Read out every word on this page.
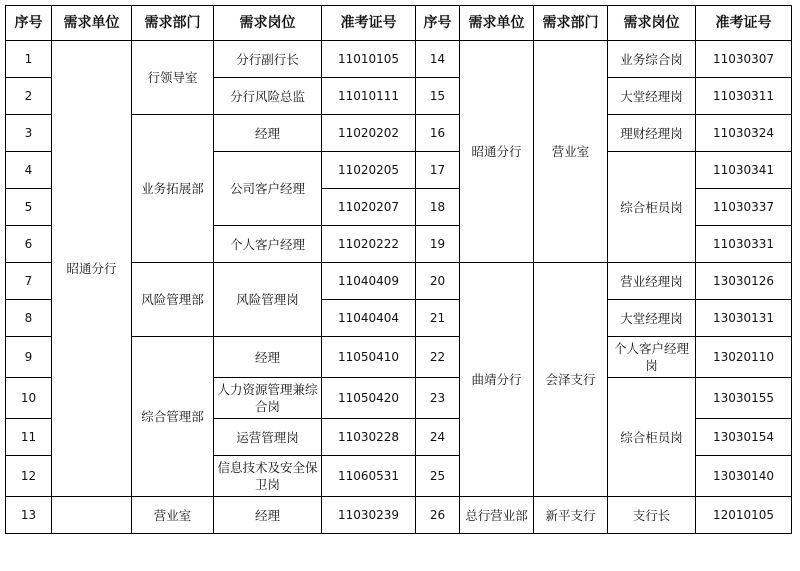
序号	需求单位	需求部门	需求岗位	准考证号	序号	需求单位	需求部门	需求岗位	准考证号
1	昭通分行	行领导室	分行副行长	11010105	14	昭通分行	营业室	业务综合岗	11030307
2			分行风险总监	11010111	15			大堂经理岗	11030311
3		业务拓展部	经理	11020202	16			理财经理岗	11030324
4			公司客户经理	11020205	17			综合柜员岗	11030341
5				11020207	18				11030337
6			个人客户经理	11020222	19				11030331
7		风险管理部	风险管理岗	11040409	20	曲靖分行	会泽支行	营业经理岗	13030126
8				11040404	21			大堂经理岗	13030131
9		综合管理部	经理	11050410	22			个人客户经理岗	13020110
10			人力资源管理兼综合岗	11050420	23			综合柜员岗	13030155
11			运营管理岗	11030228	24				13030154
12			信息技术及安全保卫岗	11060531	25				13030140
13		营业室	经理	11030239	26	总行营业部	新平支行	支行长	12010105
